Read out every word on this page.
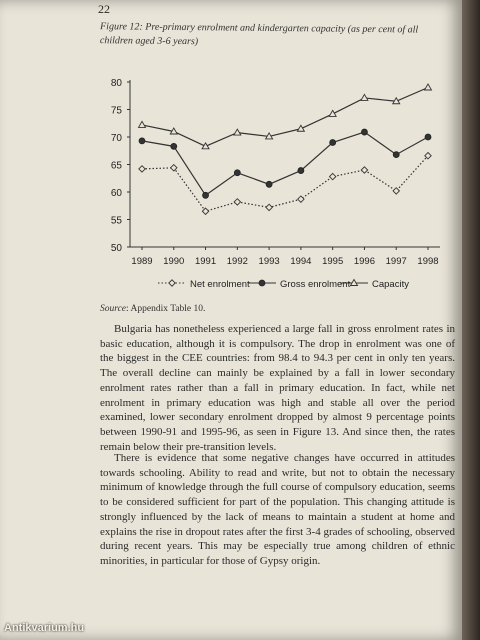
22
Figure 12: Pre-primary enrolment and kindergarten capacity (as per cent of all children aged 3-6 years)
50
55
60
65
70
75
80
1989 1990 1991 1992 1993 1994 1995 1996 1997 1998
Net enrolment	Gross enrolment Capacity
Source: Appendix Table 10.
Bulgaria has nonetheless experienced a large fall in gross enrolment rates in basic education, although it is compulsory. The drop in enrolment was one of the biggest in the CEE countries: from 98.4 to 94.3 per cent in only ten years. The overall decline can mainly be explained by a fall in lower secondary enrolment rates rather than a fall in primary education. In fact, while net enrolment in primary education was high and stable all over the period examined, lower secondary enrolment dropped by almost 9 percentage points between 1990-91 and 1995-96, as seen in Figure 13. And since then, the rates remain below their pre-transition levels.
There is evidence that some negative changes have occurred in attitudes towards schooling. Ability to read and write, but not to obtain the necessary minimum of knowledge through the full course of compulsory education, seems to be considered sufficient for part of the population. This changing attitude is strongly influenced by the lack of means to maintain a student at home and explains the rise in dropout rates after the first 3-4 grades of schooling, observed during recent years. This may be especially true among children of ethnic minorities, in particular for those of Gypsy origin.
Antikvarium.hu
